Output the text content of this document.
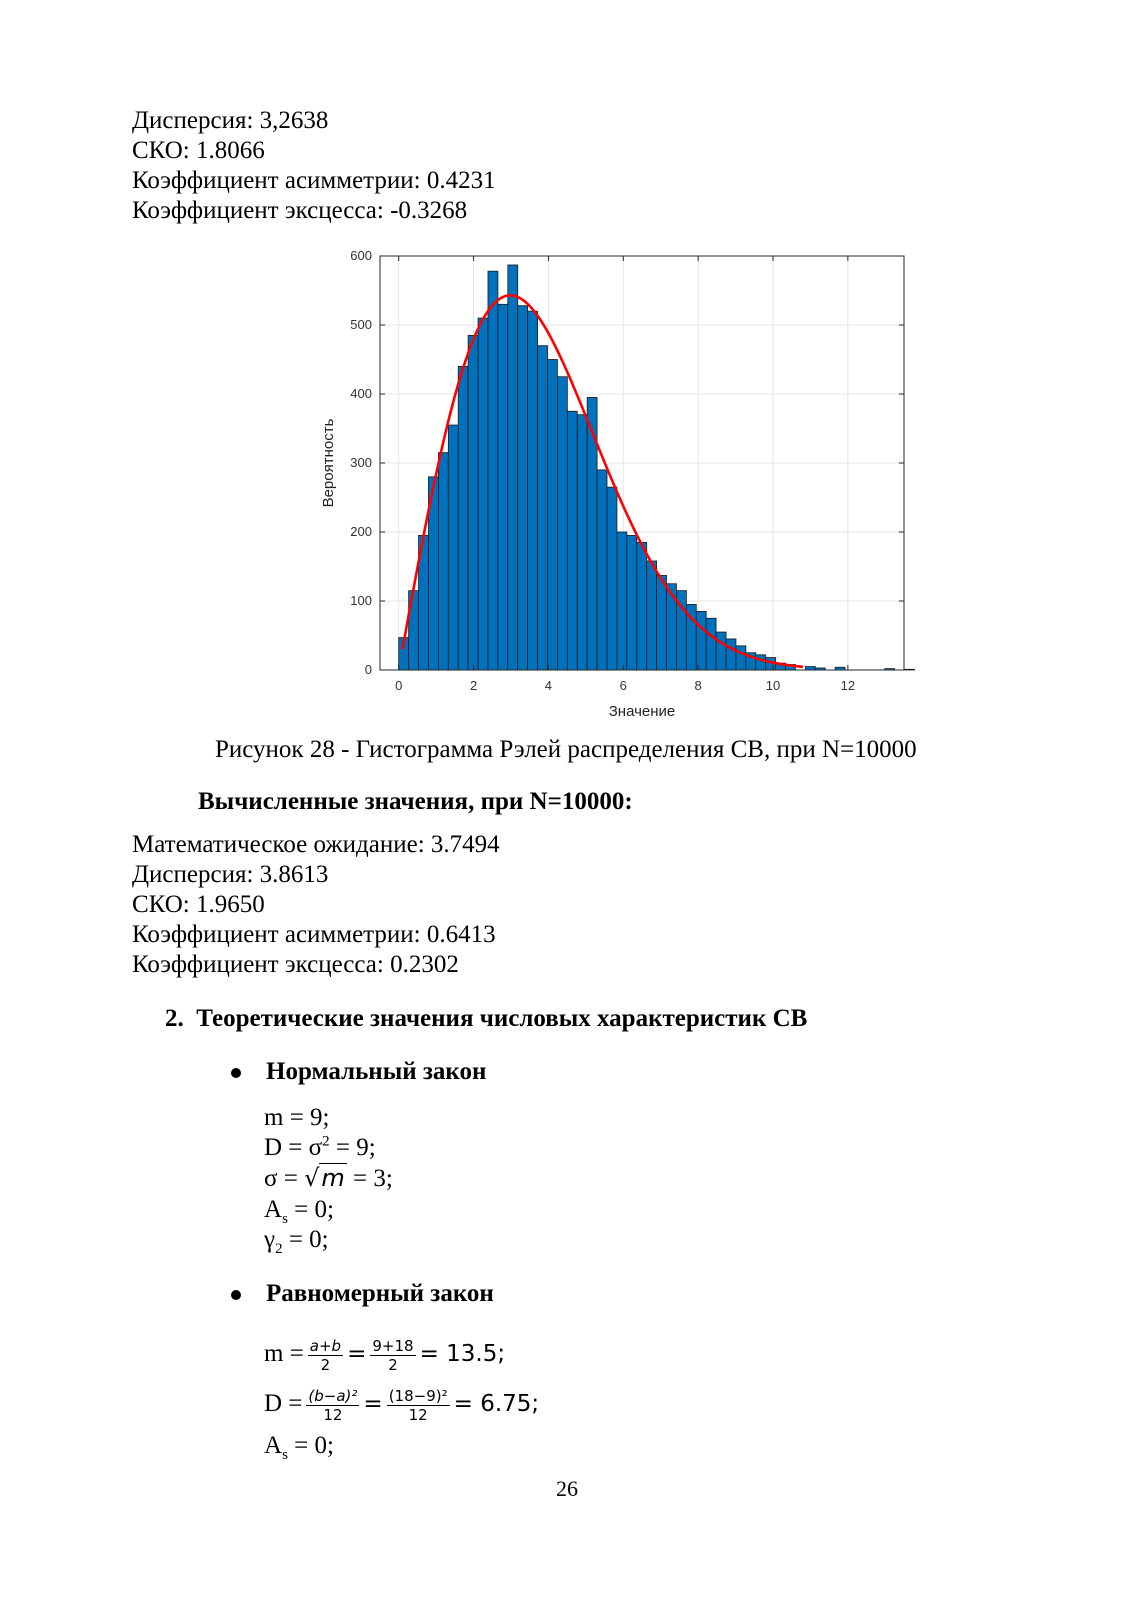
Дисперсия: 3,2638
СКО: 1.8066
Коэффициент асимметрии: 0.4231
Коэффициент эксцесса: -0.3268
0	2	4	6	8	10	12
0
100
200
300
400
500
600
Значение
Вероятность
Рисунок 28 - Гистограмма Рэлей распределения СВ, при N=10000
Вычисленные значения, при N=10000:
Математическое ожидание: 3.7494
Дисперсия: 3.8613
СКО: 1.9650
Коэффициент асимметрии: 0.6413
Коэффициент эксцесса: 0.2302
2. Теоретические значения числовых характеристик СВ
Нормальный закон
m = 9;
$D = \sigma^2 = 9$;
σ = √m = 3;
$A_s = 0$;
$\gamma_2 = 0$;
Равномерный закон
$m = \frac{a+b}{2} = \frac{9+18}{2} = 13.5$;
$D = \frac{\text{(b−a)²}}{12} = \frac{\text{(18−9)²}}{12} = 6.75$;
$A_s = 0$;
26
